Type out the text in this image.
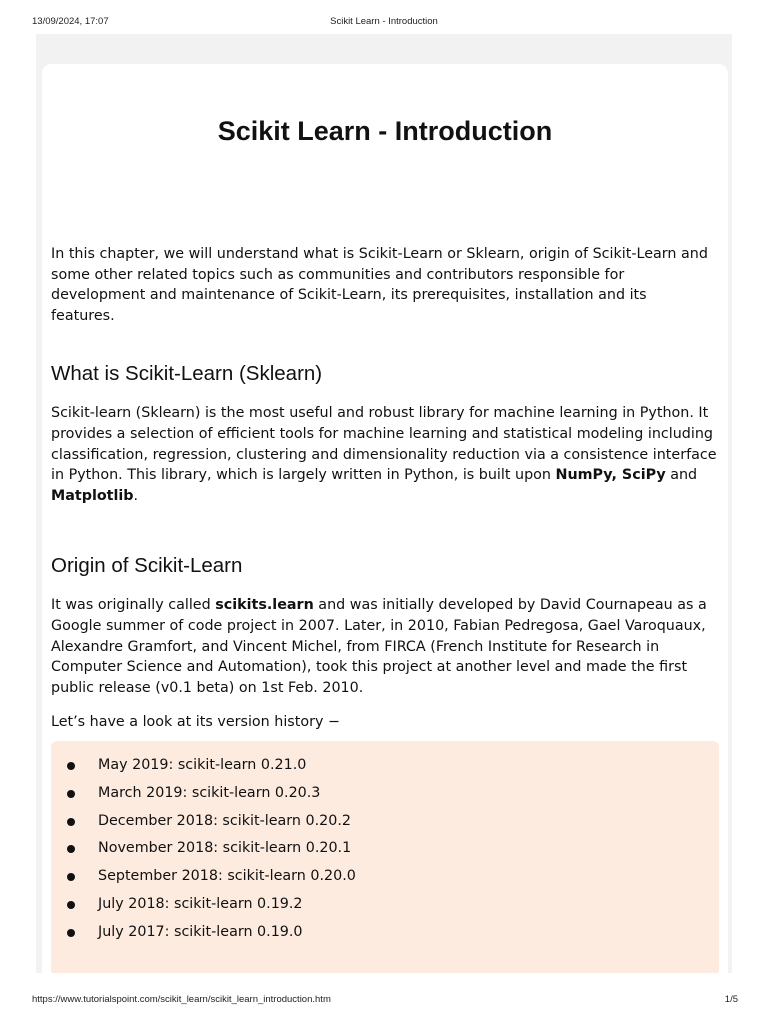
13/09/2024, 17:07	Scikit Learn - Introduction
Scikit Learn - Introduction

In this chapter, we will understand what is Scikit-Learn or Sklearn, origin of Scikit-Learn and some other related topics such as communities and contributors responsible for development and maintenance of Scikit-Learn, its prerequisites, installation and its features.

What is Scikit-Learn (Sklearn)

Scikit-learn (Sklearn) is the most useful and robust library for machine learning in Python. It provides a selection of efficient tools for machine learning and statistical modeling including classification, regression, clustering and dimensionality reduction via a consistence interface in Python. This library, which is largely written in Python, is built upon NumPy, SciPy and Matplotlib.

Origin of Scikit-Learn

It was originally called scikits.learn and was initially developed by David Cournapeau as a Google summer of code project in 2007. Later, in 2010, Fabian Pedregosa, Gael Varoquaux, Alexandre Gramfort, and Vincent Michel, from FIRCA (French Institute for Research in Computer Science and Automation), took this project at another level and made the first public release (v0.1 beta) on 1st Feb. 2010.

Let’s have a look at its version history −

May 2019: scikit-learn 0.21.0
March 2019: scikit-learn 0.20.3
December 2018: scikit-learn 0.20.2
November 2018: scikit-learn 0.20.1
September 2018: scikit-learn 0.20.0
July 2018: scikit-learn 0.19.2
July 2017: scikit-learn 0.19.0
https://www.tutorialspoint.com/scikit_learn/scikit_learn_introduction.htm	1/5
